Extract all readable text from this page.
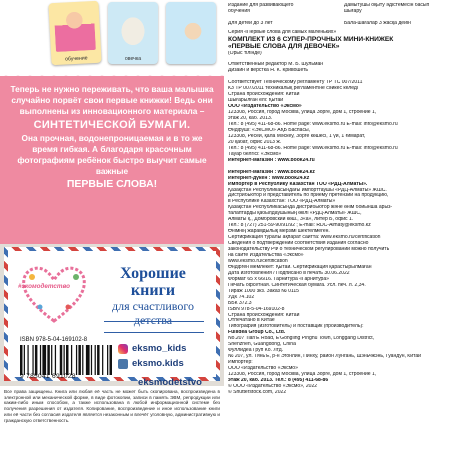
обучение	овечка
Теперь не нужно переживать, что ваша малышка случайно порвёт свои первые книжки! Ведь они выполнены из инновационного материала –
СИНТЕТИЧЕСКОЙ БУМАГИ.
Она прочная, водонепроницаемая и в то же время гибкая. А благодаря красочным фотографиям ребёнок быстро выучит самые важные
ПЕРВЫЕ СЛОВА!
#экомодетство
Хорошие
книги
для счастливого
детства
ISBN 978-5-04-169102-8
9 785041 691028
eksmo_kids
eksmo.kids
eksmodetstvo
Все права защищены. Книга или любая её часть не может быть скопирована, воспроизведена в электронной или механической форме, в виде фотокопии, записи в память ЭВМ, репродукции или каким-либо иным способом, а также использована в любой информационной системе без получения разрешения от издателя. Копирование, воспроизведение и иное использование книги или её части без согласия издателя является незаконным и влечёт уголовную, административную и гражданскую ответственность.
Издание для развивающего
обучения

Для детей до 3 лет
Дамытушы оқыту әдістемесін басып
шығару

Бала-шағалар 3 жасқа дейін
Серия «Первые слова для самых маленьких»
КОМПЛЕКТ ИЗ 6 СУПЕР-ПРОЧНЫХ МИНИ-КНИЖЕК
«ПЕРВЫЕ СЛОВА ДЛЯ ДЕВОЧЕК»
(Орыс тілінде)

Ответственный редактор М. Б. Шульман
Дизайн и вёрстка Н. К. Кривошеть

Соответствует Техническому регламенту ТР ТС 007/2011
КЗ ТР 007/2011 техникалық регламентіне сәйкес келеді
Страна происхождения: Китай
Шығарылған елі: Қытай
ООО «Издательство «Эксмо»
123308, Россия, город Москва, улица Зорге, дом 1, строение 1,
этаж 20, каб. 2013.
Тел.: 8 (495) 411-68-86. Home page: www.eksmo.ru E-mail: info@eksmo.ru
Өндіруші: «ЭКСМО» АҚБ Баспасы,
123308, Ресей, қала Мәскеу, Зорге көшесі, 1 үй, 1 ғимарат,
20 қабат, офис 2013 ж.
Тел.: 8 (495) 411-68-86. Home page: www.eksmo.ru E-mail: info@eksmo.ru
Тауар белгісі: «Эксмо»
Интернет-магазин : www.book24.ru

Интернет-магазин : www.book24.kz
Интернет-дүкен : www.book24.kz
Импортёр в Республику Казахстан ТОО «РДЦ-Алматы».
Қазақстан Республикасындағы импорттаушы «РДЦ-Алматы» ЖШС.
Дистрибьютор и представитель по приему претензий на продукцию,
в Республике Казахстан: ТОО «РДЦ-Алматы»
Қазақстан Республикасында дистрибьютор және өнім бойынша арыз-
талаптарды қабылдаушының өкілі «РДЦ-Алматы» ЖШС,
Алматы қ., Домбровский көш., 3«а», литер Б, офис 1.
Тел.: 8 (727) 251-59-90/91/92 ; E-mail: RDC-Almaty@eksmo.kz
Өнімнің жарамдылық мерзімі шектелмеген.
Сертификация туралы ақпарат сайтта: www.eksmo.ru/certification
Сведения о подтверждении соответствия издания согласно
законодательству РФ о техническом регулировании можно получить
на сайте Издательства «Эксмо»
www.eksmo.ru/certification
Өндірген мемлекет: Қытай. Сертификация қарастырылмаған
Дата изготовления / Подписано в печать 30.06.2022
Формат 65 x 66/16. Гарнитура «Гарнитура»
Печать офсетная. Синтетическая бумага. Усл. печ. л. 2,34.
Тираж 1000 экз. Заказ № 0115
УДК 74.102
ББК 372.3
ISBN 978-5-04-169102-8
Страна происхождения: Китай
Отпечатано в Китае
Типография (изготовитель) и поставщик (производитель):
Fullidea Group Co., Ltd.
No.207 Tian'E Road, E'Gongling Pinghu Town, Longgang District,
Shenzhen, Guangdong, China
Фуллидеа Груп Ко. Лтд.
№ 207, ул. Тянь'Е, р-н Эгонлин, Пинху, район Лунгань, Шэньчжэнь, Гуандун, Китай
Импортёр:
ООО «Издательство «Эксмо»
123308, Россия, город Москва, улица Зорге, дом 1, строение 1,
этаж 20, каб. 2013. Тел.: 8 (495) 411-68-86
© ООО «Издательство «Эксмо», 2022
© Shutterstock.com, 2022
